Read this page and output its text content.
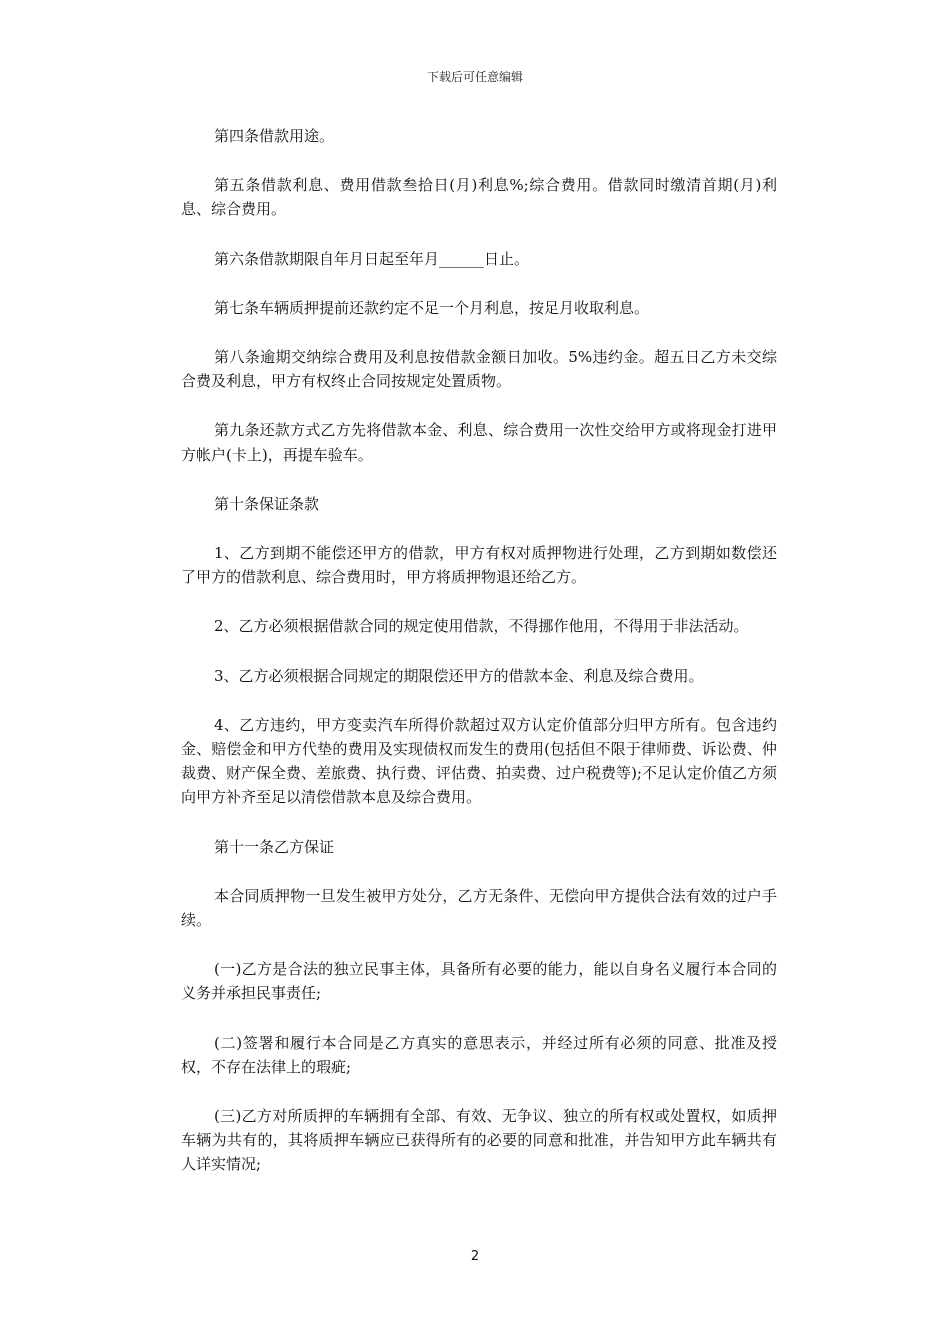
下载后可任意编辑

第四条借款用途。

第五条借款利息、费用借款叁拾日(月)利息%;综合费用。借款同时缴清首期(月)利息、综合费用。

第六条借款期限自年月日起至年月______日止。

第七条车辆质押提前还款约定不足一个月利息，按足月收取利息。

第八条逾期交纳综合费用及利息按借款金额日加收。5%违约金。超五日乙方未交综合费及利息，甲方有权终止合同按规定处置质物。

第九条还款方式乙方先将借款本金、利息、综合费用一次性交给甲方或将现金打进甲方帐户(卡上)，再提车验车。

第十条保证条款

1、乙方到期不能偿还甲方的借款，甲方有权对质押物进行处理，乙方到期如数偿还了甲方的借款利息、综合费用时，甲方将质押物退还给乙方。

2、乙方必须根据借款合同的规定使用借款，不得挪作他用，不得用于非法活动。

3、乙方必须根据合同规定的期限偿还甲方的借款本金、利息及综合费用。

4、乙方违约，甲方变卖汽车所得价款超过双方认定价值部分归甲方所有。包含违约金、赔偿金和甲方代垫的费用及实现债权而发生的费用(包括但不限于律师费、诉讼费、仲裁费、财产保全费、差旅费、执行费、评估费、拍卖费、过户税费等);不足认定价值乙方须向甲方补齐至足以清偿借款本息及综合费用。

第十一条乙方保证

本合同质押物一旦发生被甲方处分，乙方无条件、无偿向甲方提供合法有效的过户手续。

(一)乙方是合法的独立民事主体，具备所有必要的能力，能以自身名义履行本合同的义务并承担民事责任;

(二)签署和履行本合同是乙方真实的意思表示，并经过所有必须的同意、批准及授权，不存在法律上的瑕疵;

(三)乙方对所质押的车辆拥有全部、有效、无争议、独立的所有权或处置权，如质押车辆为共有的，其将质押车辆应已获得所有的必要的同意和批准，并告知甲方此车辆共有人详实情况;

2
